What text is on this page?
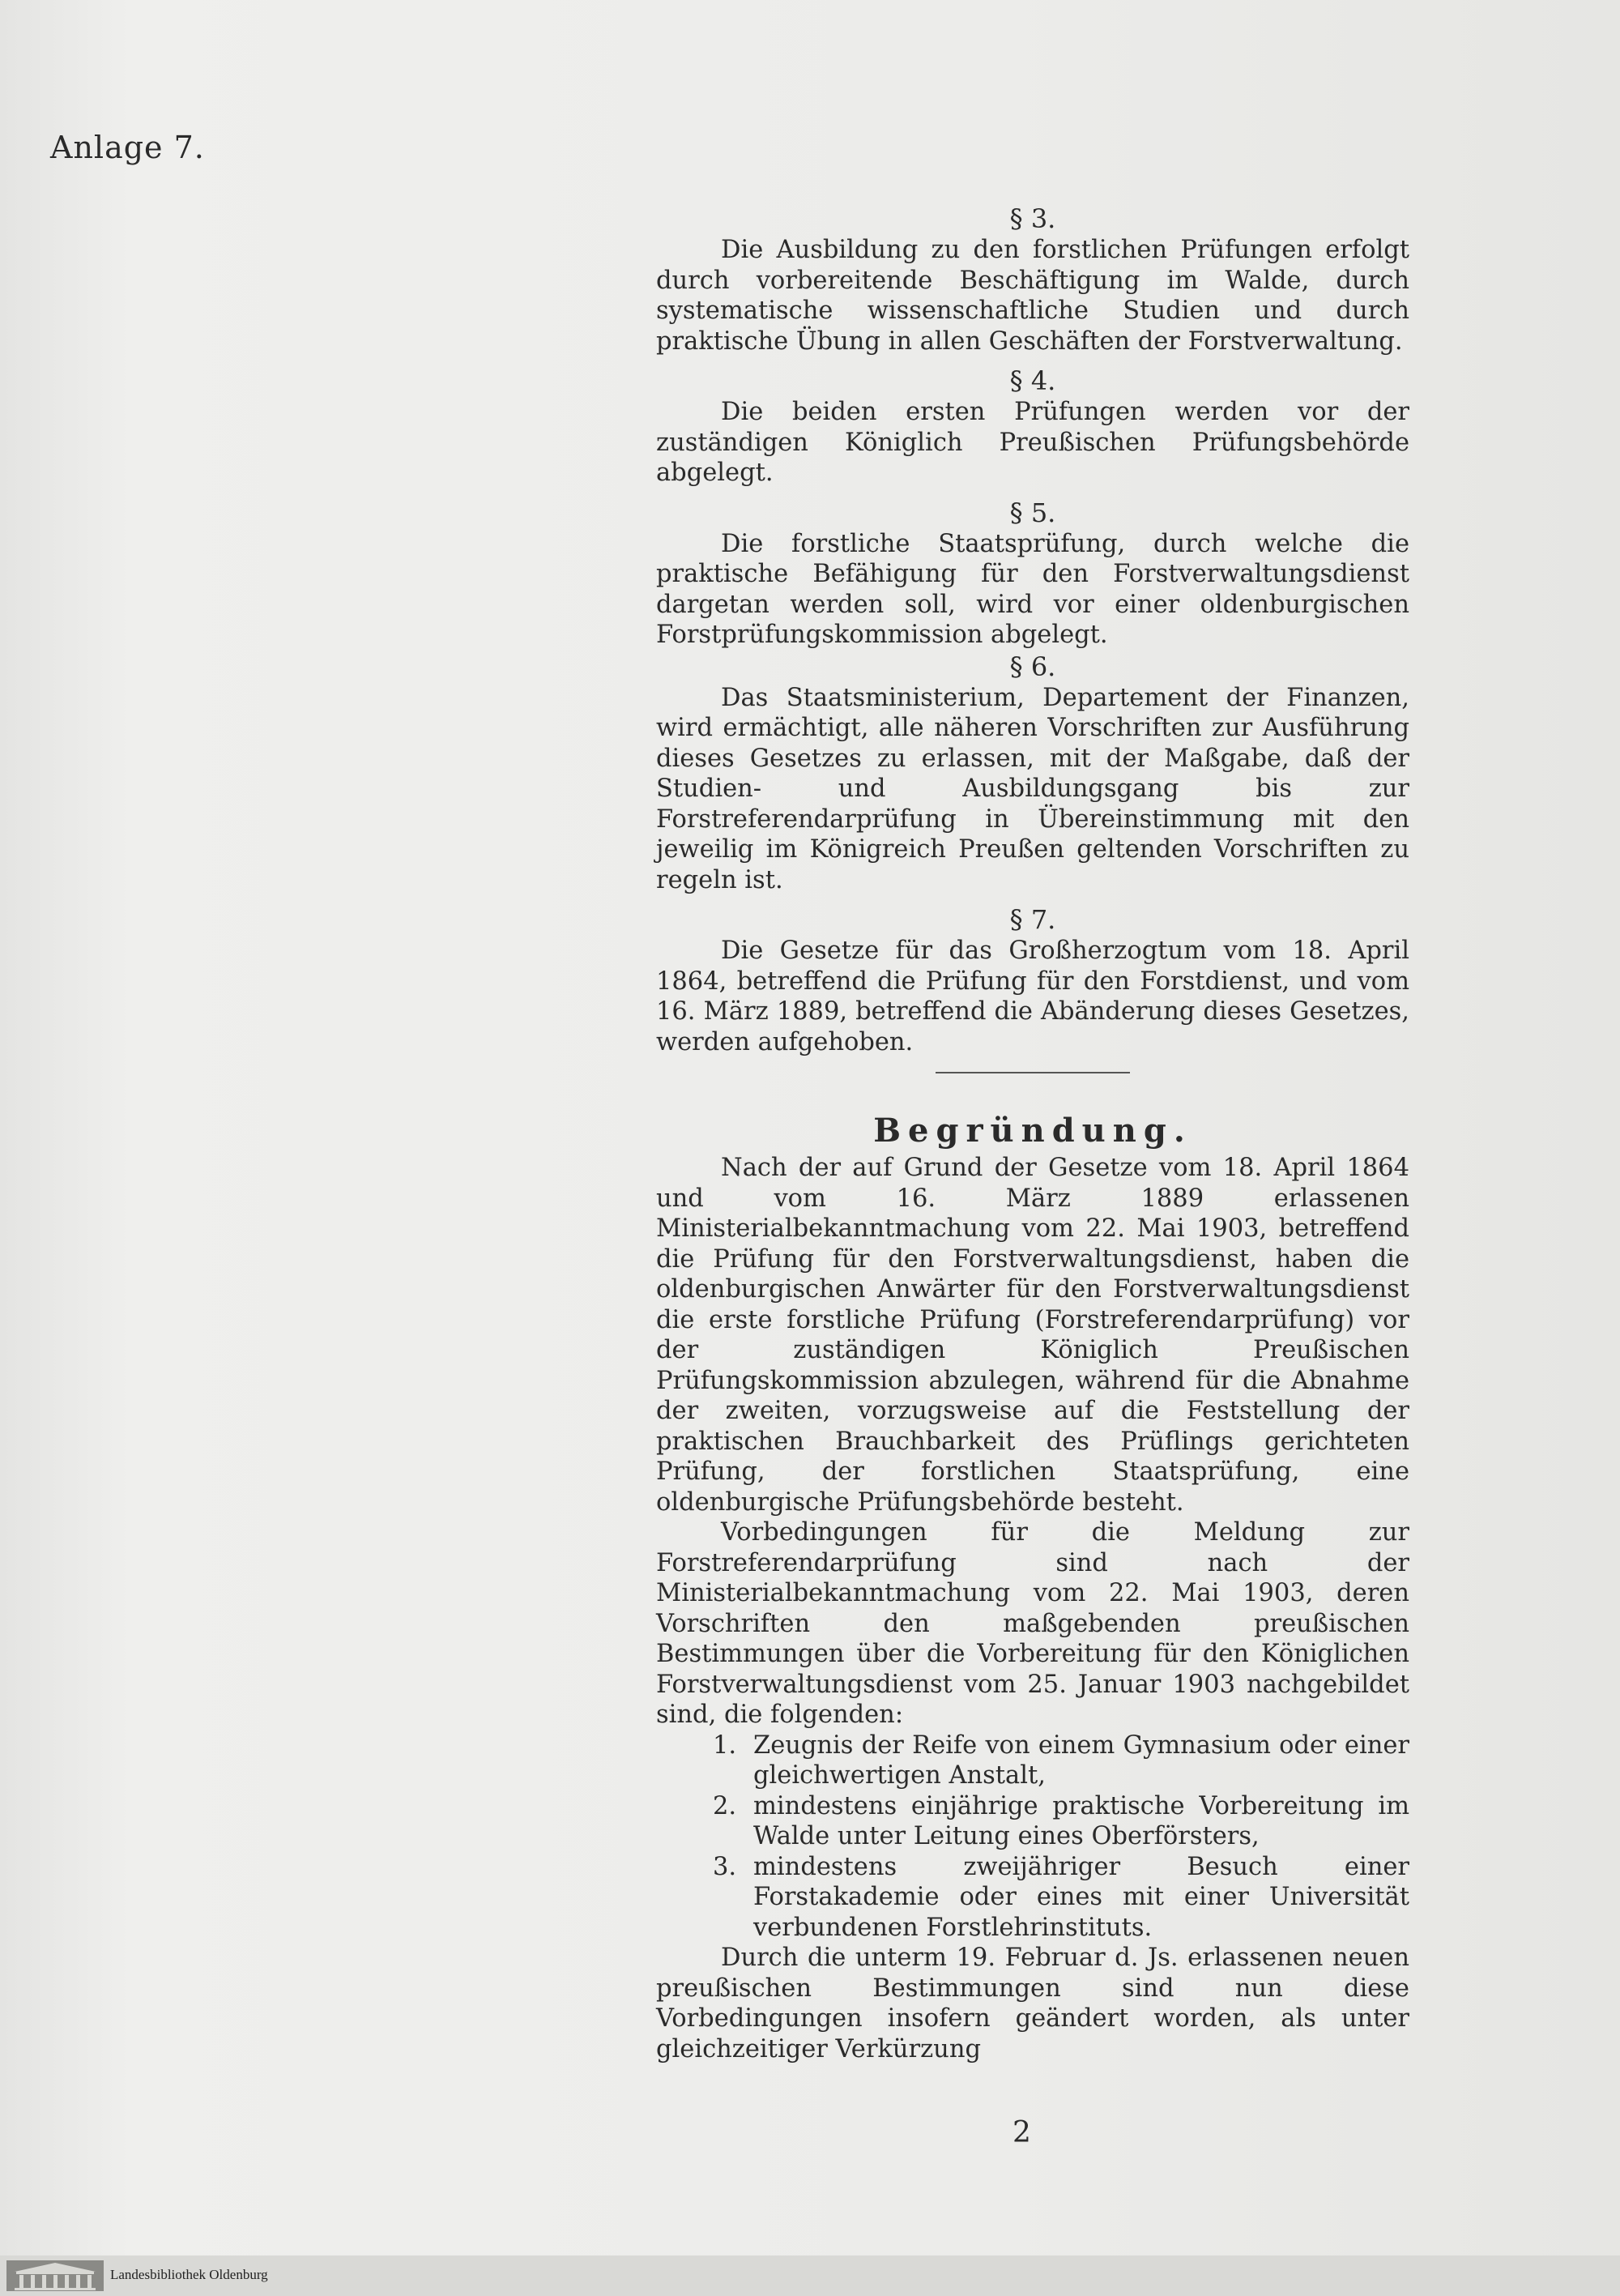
Anlage 7.

§ 3.

Die Ausbildung zu den forstlichen Prüfungen erfolgt durch vorbereitende Beschäftigung im Walde, durch systematische wissenschaftliche Studien und durch praktische Übung in allen Geschäften der Forstverwaltung.

§ 4.

Die beiden ersten Prüfungen werden vor der zuständigen Königlich Preußischen Prüfungsbehörde abgelegt.

§ 5.

Die forstliche Staatsprüfung, durch welche die praktische Befähigung für den Forstverwaltungsdienst dargetan werden soll, wird vor einer oldenburgischen Forstprüfungskommission abgelegt.

§ 6.

Das Staatsministerium, Departement der Finanzen, wird ermächtigt, alle näheren Vorschriften zur Ausführung dieses Gesetzes zu erlassen, mit der Maßgabe, daß der Studien- und Ausbildungsgang bis zur Forstreferendarprüfung in Übereinstimmung mit den jeweilig im Königreich Preußen geltenden Vorschriften zu regeln ist.

§ 7.

Die Gesetze für das Großherzogtum vom 18. April 1864, betreffend die Prüfung für den Forstdienst, und vom 16. März 1889, betreffend die Abänderung dieses Gesetzes, werden aufgehoben.

Begründung.

Nach der auf Grund der Gesetze vom 18. April 1864 und vom 16. März 1889 erlassenen Ministerialbekanntmachung vom 22. Mai 1903, betreffend die Prüfung für den Forstverwaltungsdienst, haben die oldenburgischen Anwärter für den Forstverwaltungsdienst die erste forstliche Prüfung (Forstreferendarprüfung) vor der zuständigen Königlich Preußischen Prüfungskommission abzulegen, während für die Abnahme der zweiten, vorzugsweise auf die Feststellung der praktischen Brauchbarkeit des Prüflings gerichteten Prüfung, der forstlichen Staatsprüfung, eine oldenburgische Prüfungsbehörde besteht.

Vorbedingungen für die Meldung zur Forstreferendarprüfung sind nach der Ministerialbekanntmachung vom 22. Mai 1903, deren Vorschriften den maßgebenden preußischen Bestimmungen über die Vorbereitung für den Königlichen Forstverwaltungsdienst vom 25. Januar 1903 nachgebildet sind, die folgenden:

1. Zeugnis der Reife von einem Gymnasium oder einer gleichwertigen Anstalt,
2. mindestens einjährige praktische Vorbereitung im Walde unter Leitung eines Oberförsters,
3. mindestens zweijähriger Besuch einer Forstakademie oder eines mit einer Universität verbundenen Forstlehrinstituts.

Durch die unterm 19. Februar d. Js. erlassenen neuen preußischen Bestimmungen sind nun diese Vorbedingungen insofern geändert worden, als unter gleichzeitiger Verkürzung

2
Landesbibliothek Oldenburg
